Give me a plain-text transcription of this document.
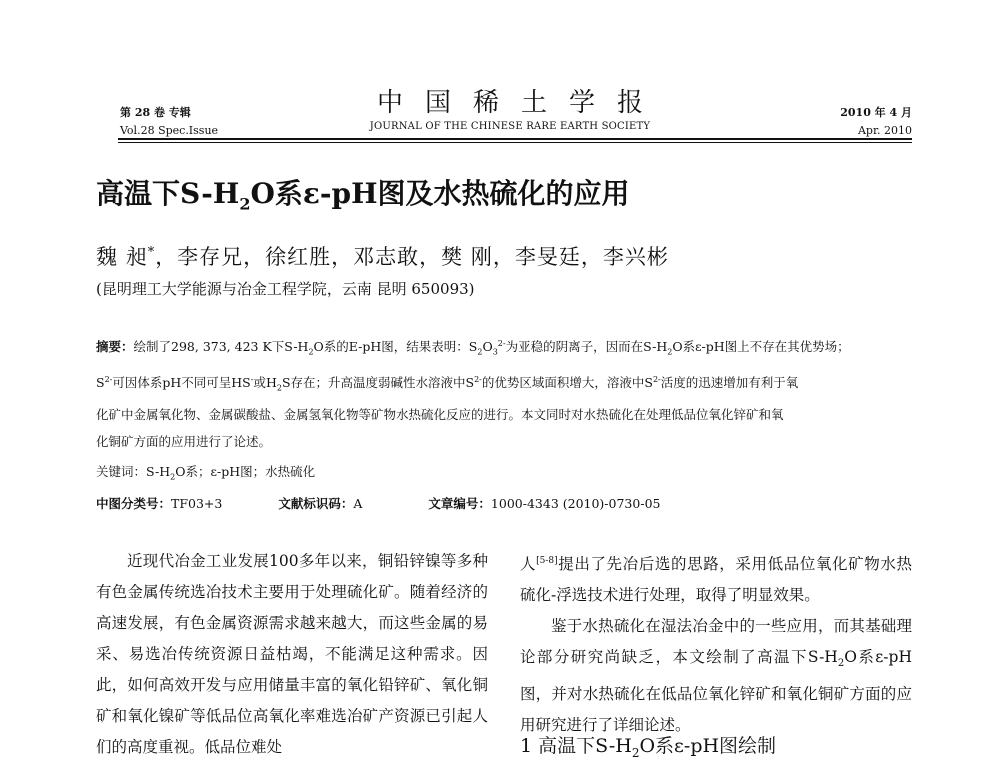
第 28 卷 专辑
Vol.28 Spec.Issue
中国稀土学报
JOURNAL OF THE CHINESE RARE EARTH SOCIETY
2010 年 4 月
Apr. 2010
高温下$S-H_2O$系ε-pH图及水热硫化的应用
魏 昶*，李存兄，徐红胜，邓志敢，樊 刚，李旻廷，李兴彬
(昆明理工大学能源与冶金工程学院，云南 昆明 650093)
摘要：绘制了298, 373, 423 K下$S-H_2O$系的E-pH图，结果表明：$S_2O_3^{2-}$为亚稳的阴离子，因而在$S-H_2O$系ε-pH图上不存在其优势场；
$S^{2-}$可因体系pH不同可呈HS-或$H_2S$存在；升高温度弱碱性水溶液中$S^{2-}$的优势区域面积增大，溶液中$S^{2-}$活度的迅速增加有利于氧
化矿中金属氧化物、金属碳酸盐、金属氢氧化物等矿物水热硫化反应的进行。本文同时对水热硫化在处理低品位氧化锌矿和氧
化铜矿方面的应用进行了论述。
关键词：$S-H_2O$系；ε-pH图；水热硫化
中图分类号：TF03+3	文献标识码：A	文章编号：1000-4343 (2010)-0730-05

近现代冶金工业发展100多年以来，铜铅锌镍等多种有色金属传统选冶技术主要用于处理硫化矿。随着经济的高速发展，有色金属资源需求越来越大，而这些金属的易采、易选冶传统资源日益枯竭，不能满足这种需求。因此，如何高效开发与应用储量丰富的氧化铅锌矿、氧化铜矿和氧化镍矿等低品位高氧化率难选冶矿产资源已引起人们的高度重视。低品位难处

人[5-8]提出了先冶后选的思路，采用低品位氧化矿物水热硫化-浮选技术进行处理，取得了明显效果。

鉴于水热硫化在湿法冶金中的一些应用，而其基础理论部分研究尚缺乏，本文绘制了高温下$S-H_2O$系ε-pH图，并对水热硫化在低品位氧化锌矿和氧化铜矿方面的应用研究进行了详细论述。

1 高温下$S-H_2O$系ε-pH图绘制
